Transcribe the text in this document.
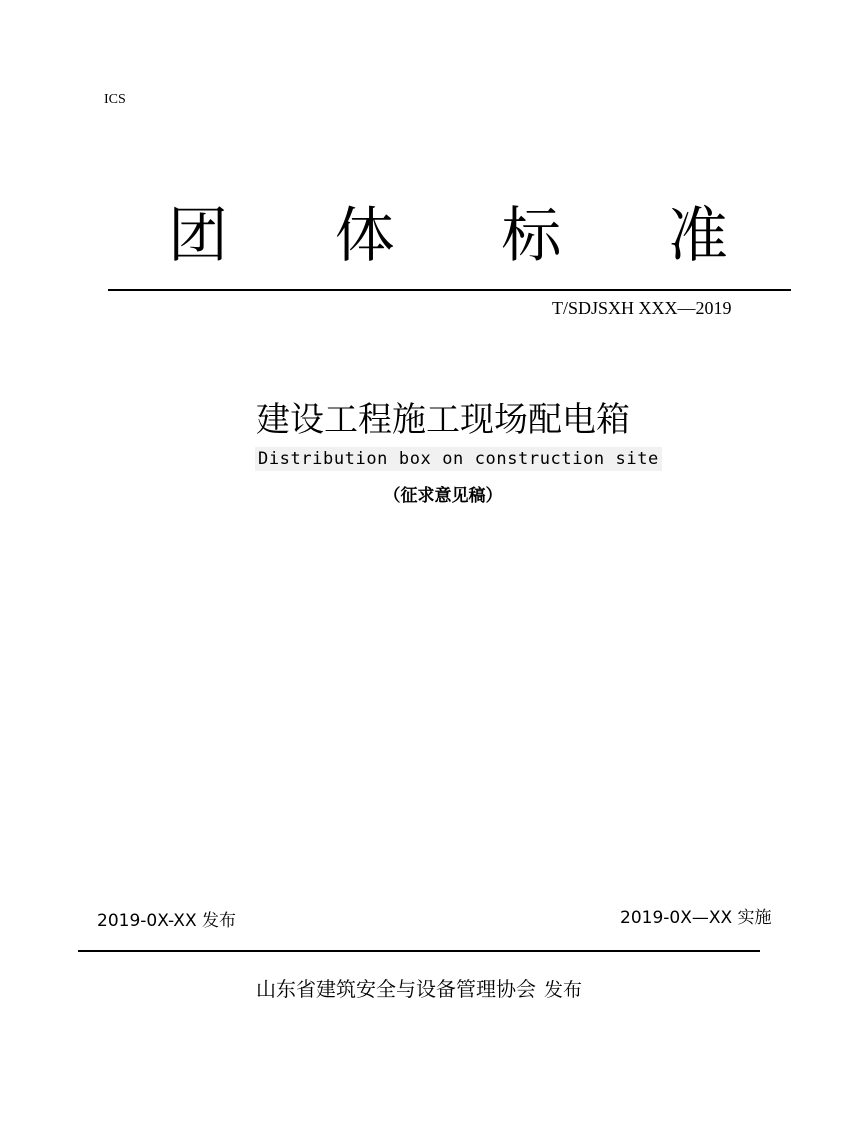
ICS
团 体 标 准
T/SDJSXH XXX—2019
建设工程施工现场配电箱
Distribution box on construction site
（征求意见稿）
2019-0X-XX 发布	2019-0X—XX 实施
山东省建筑安全与设备管理协会 发布
